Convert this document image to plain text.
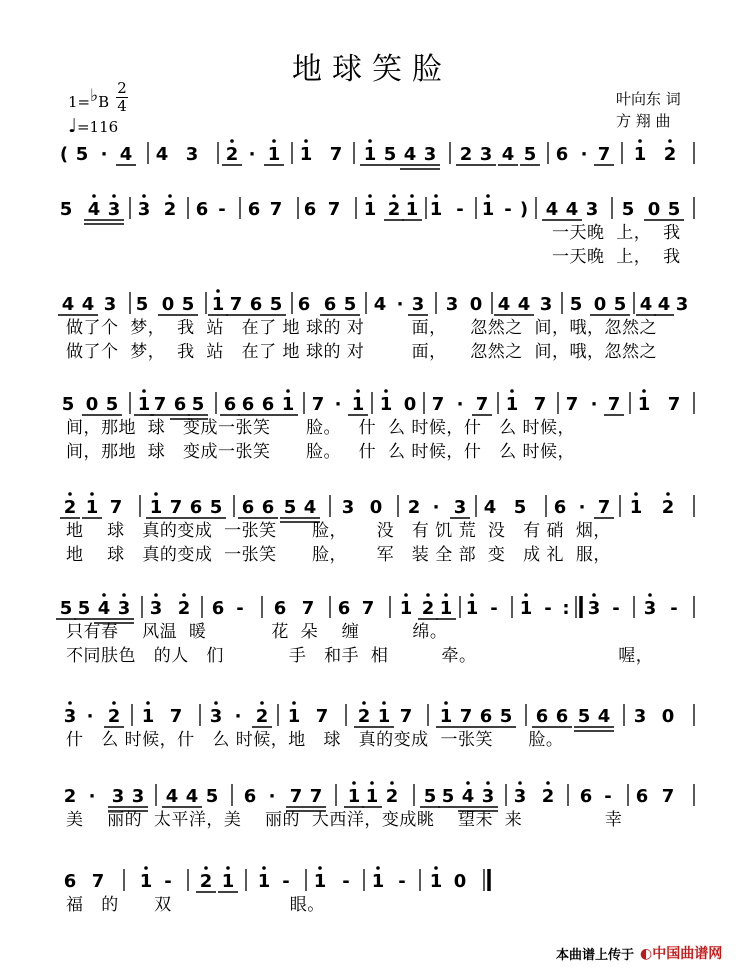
( 5 · 4 4 3 2 · 1 1 7 1 5 4 3 2 3 4 5 6 · 7 1 2
5 4 3 3 2 6 - 6 7 6 7 1 2 1 1 - 1 - ) 4 4 3 5 0 5
4 4 3 5 0 5 1 7 6 5 6 6 5 4 · 3 3 0 4 4 3 5 0 5 4 4 3
5 0 5 1 7 6 5 6 6 6 1 7 · 1 1 0 7 · 7 1 7 7 · 7 1 7
2 1 7 1 7 6 5 6 6 5 4 3 0 2 · 3 4 5 6 · 7 1 2
5 5 4 3 3 2 6 - 6 7 6 7 1 2 1 1 - 1 - : 3 - 3 -
3 · 2 1 7 3 · 2 1 7 2 1 7 1 7 6 5 6 6 5 4 3 0
2 · 3 3 4 4 5 6 · 7 7 1 1 2 5 5 4 3 3 2 6 - 6 7
6 7 1 - 2 1 1 - 1 - 1 - 1 0
地球笑脸
1=♭B
2
4
♩=116
叶向东 词
方 翔 曲
一天晚  上，  我
一天晚  上，  我
做了个  梦，  我  站   在了 地 球的 对        面，    忽然之  间，哦，忽然之
做了个  梦，  我  站   在了 地 球的 对        面，    忽然之  间，哦，忽然之
间，那地  球   变成一张笑      脸。   什  么 时候，什   么 时候，
间，那地  球   变成一张笑      脸。   什  么 时候，什   么 时候，
地    球   真的变成  一张笑      脸，     没   有 饥 荒  没   有 硝  烟，
地    球   真的变成  一张笑      脸，     军   装 全 部  变   成 礼  服，
只有春    风温  暖           花  朵    缠         绵。
不同肤色   的人   们           手   和手  相         牵。                        喔，
什   么 时候，什   么 时候，地   球   真的变成  一张笑      脸。
美    丽的  太平洋，美    丽的  大西洋，变成眺    望未  来              幸
福   的      双                    眼。
本曲谱上传于 ◐中国曲谱网
